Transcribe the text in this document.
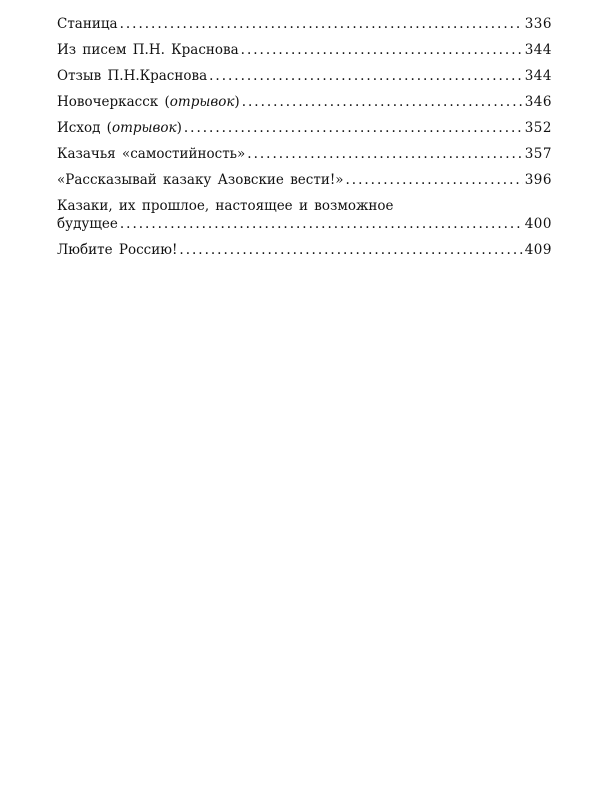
Станица .....	336
Из писем П.Н. Краснова .....	344
Отзыв П.Н.Краснова .....	344
Новочеркасск (отрывок) .....	346
Исход (отрывок) .....	352
Казачья «самостийность» .....	357
«Рассказывай казаку Азовские вести!» .....	396
Казаки, их прошлое, настоящее и возможное
будущее .....	400
Любите Россию! .....	409
